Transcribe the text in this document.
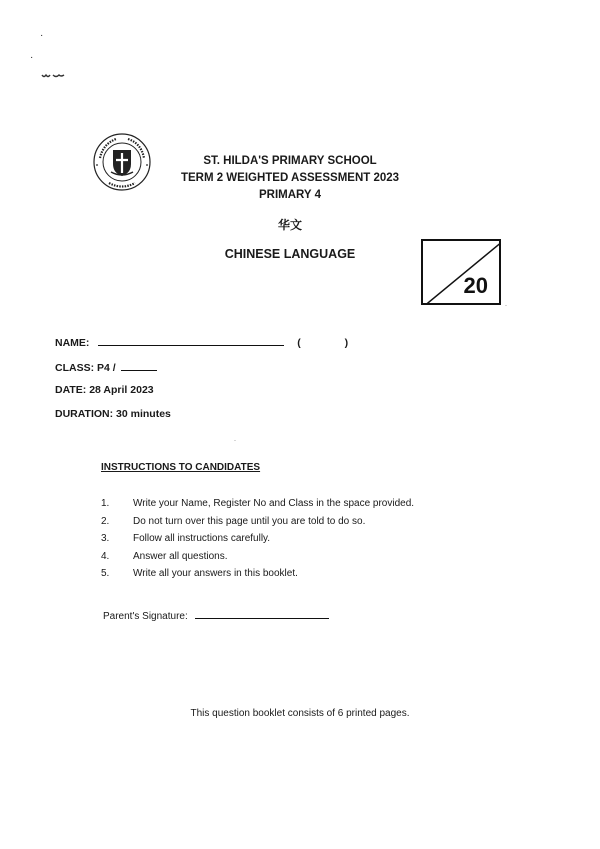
·
·
ST. HILDA'S PRIMARY SCHOOL
TERM 2 WEIGHTED ASSESSMENT 2023
PRIMARY 4
华文
CHINESE LANGUAGE
20
·
NAME:	(	)
CLASS: P4 /
DATE: 28 April 2023
DURATION: 30 minutes
·
INSTRUCTIONS TO CANDIDATES
1. Write your Name, Register No and Class in the space provided.
2. Do not turn over this page until you are told to do so.
3. Follow all instructions carefully.
4. Answer all questions.
5. Write all your answers in this booklet.
Parent's Signature:
This question booklet consists of 6 printed pages.
